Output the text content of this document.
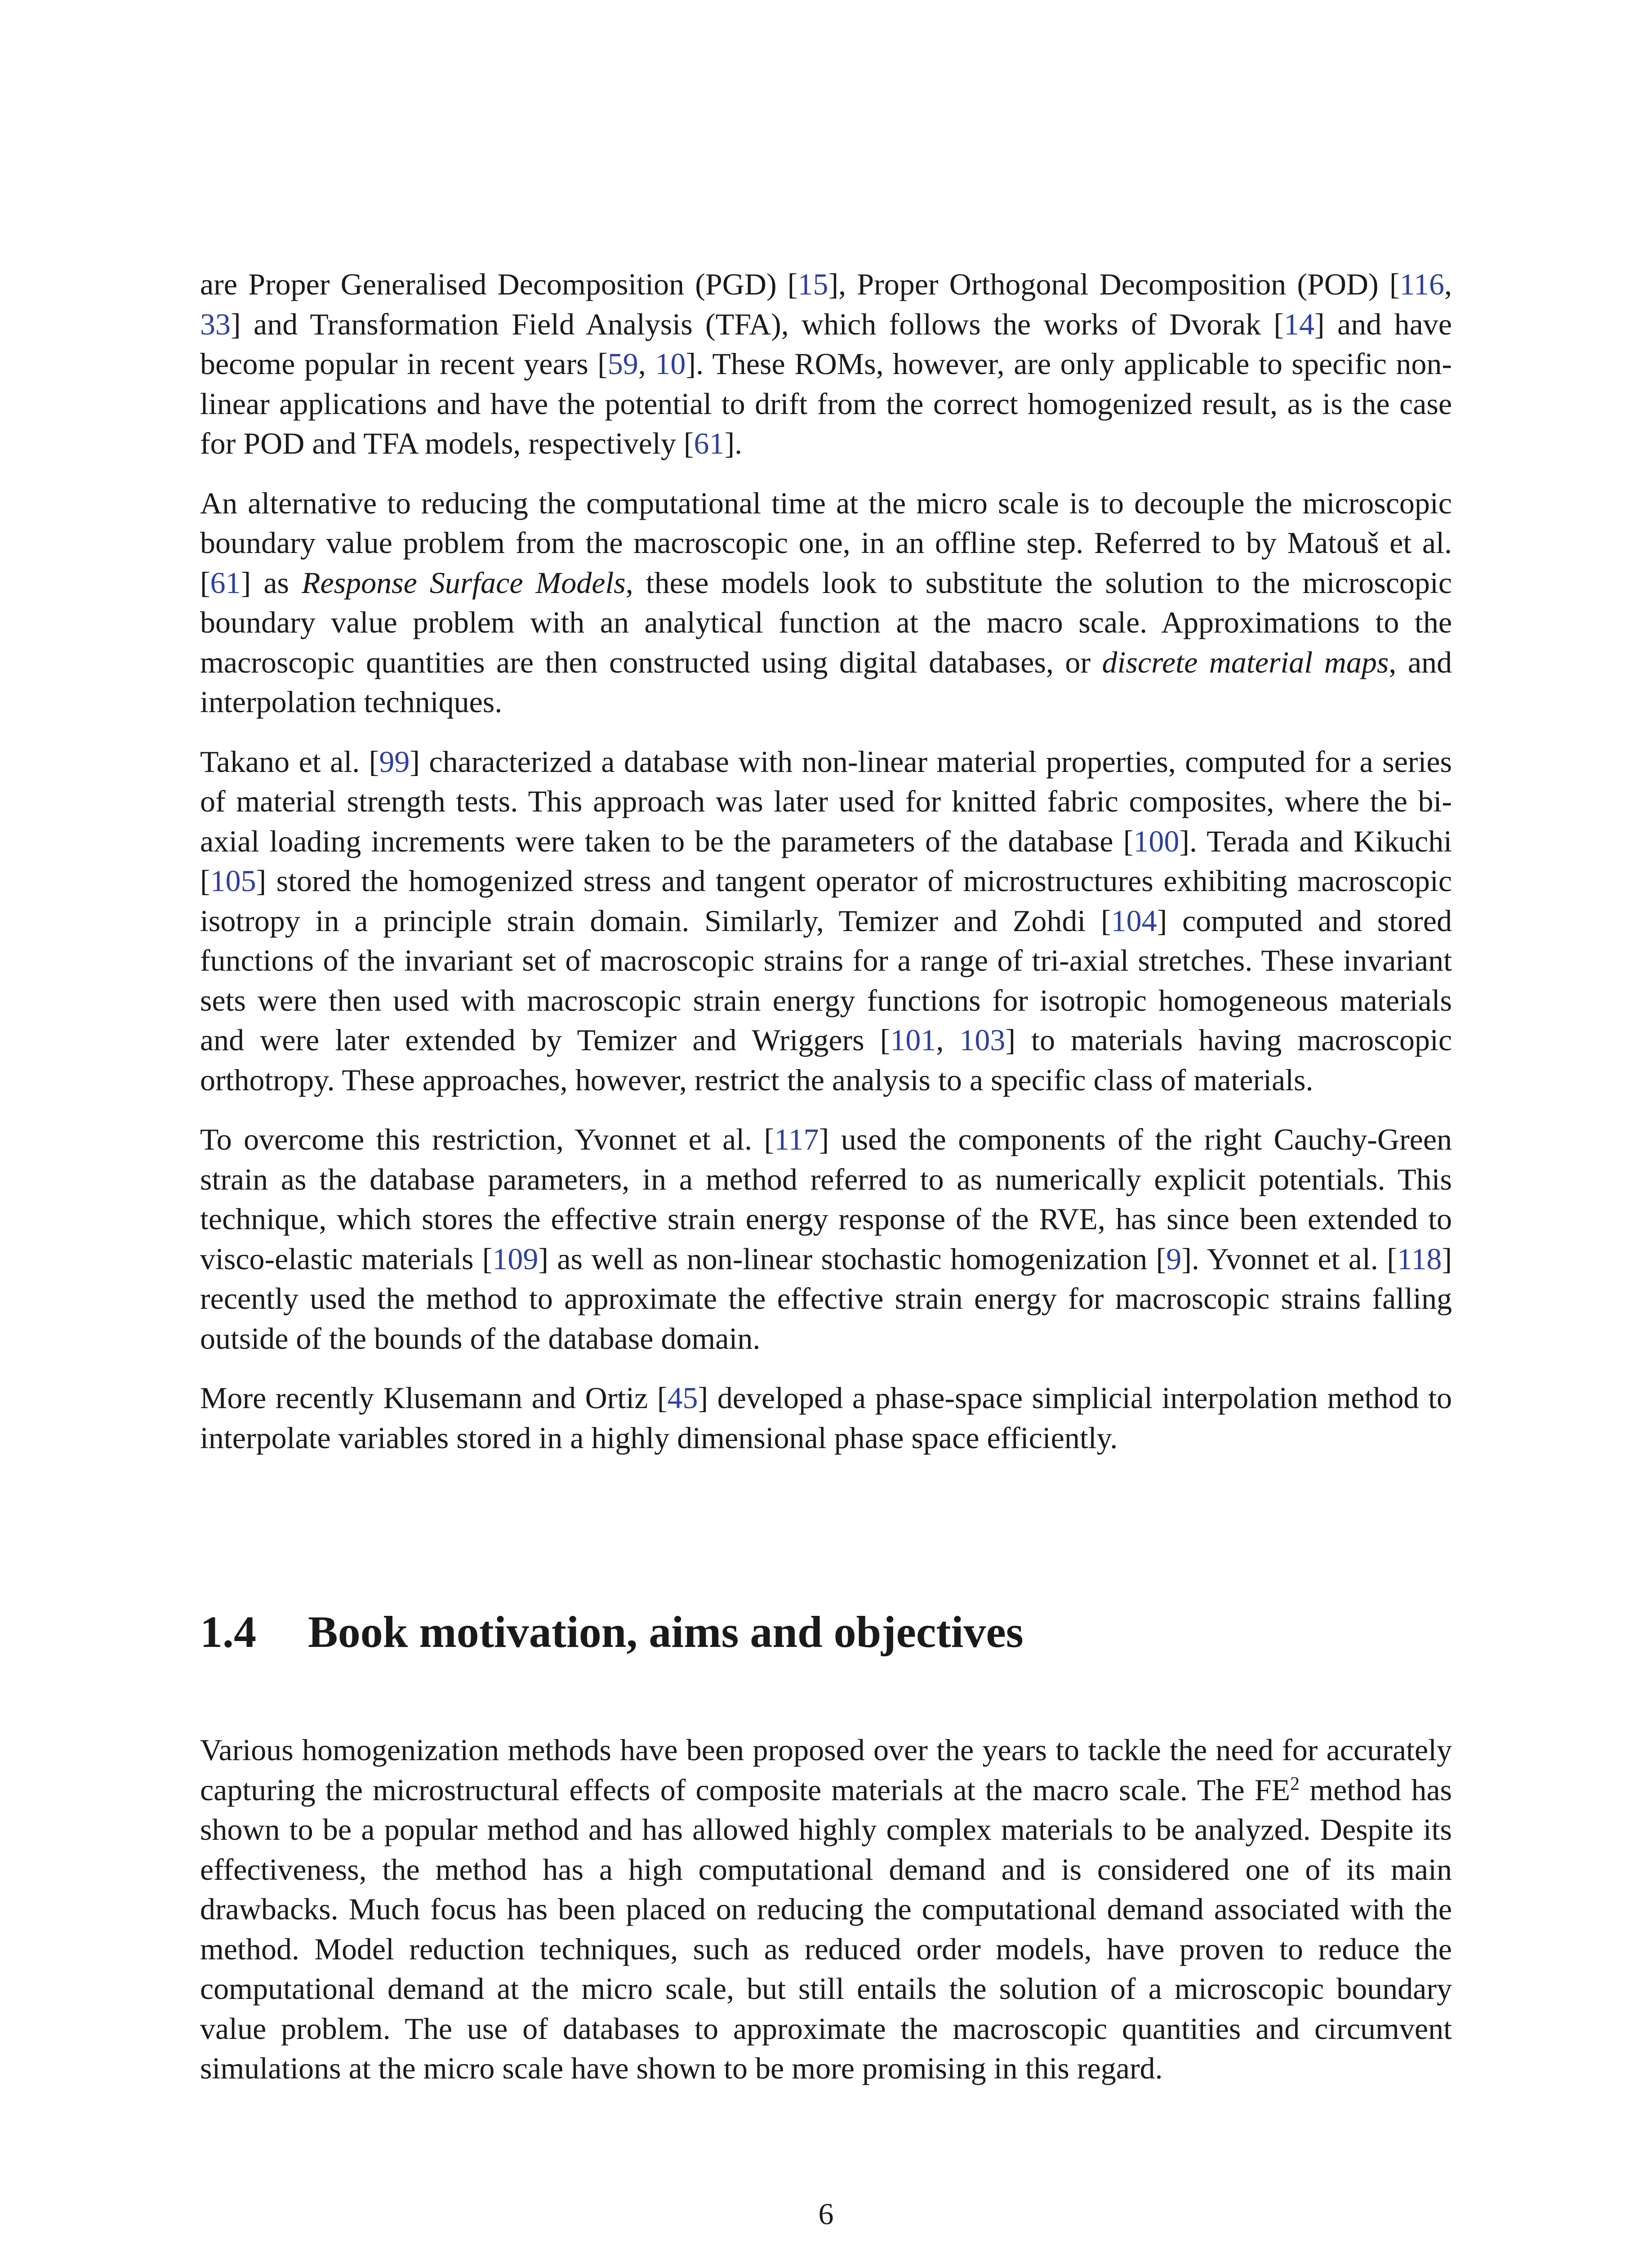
are Proper Generalised Decomposition (PGD) [15], Proper Orthogonal Decomposition (POD) [116, 33] and Transformation Field Analysis (TFA), which follows the works of Dvorak [14] and have become popular in recent years [59, 10]. These ROMs, however, are only applicable to specific non-linear applications and have the potential to drift from the correct homogenized result, as is the case for POD and TFA models, respectively [61].

An alternative to reducing the computational time at the micro scale is to decouple the microscopic boundary value problem from the macroscopic one, in an offline step. Referred to by Matouš et al. [61] as Response Surface Models, these models look to substitute the solution to the microscopic boundary value problem with an analytical function at the macro scale. Approximations to the macroscopic quantities are then constructed using digital databases, or discrete material maps, and interpolation techniques.

Takano et al. [99] characterized a database with non-linear material properties, computed for a series of material strength tests. This approach was later used for knitted fabric composites, where the bi-axial loading increments were taken to be the parameters of the database [100]. Terada and Kikuchi [105] stored the homogenized stress and tangent operator of microstructures exhibiting macroscopic isotropy in a principle strain domain. Similarly, Temizer and Zohdi [104] computed and stored functions of the invariant set of macroscopic strains for a range of tri-axial stretches. These invariant sets were then used with macroscopic strain energy functions for isotropic homogeneous materials and were later extended by Temizer and Wriggers [101, 103] to materials having macroscopic orthotropy. These approaches, however, restrict the analysis to a specific class of materials.

To overcome this restriction, Yvonnet et al. [117] used the components of the right Cauchy-Green strain as the database parameters, in a method referred to as numerically explicit potentials. This technique, which stores the effective strain energy response of the RVE, has since been extended to visco-elastic materials [109] as well as non-linear stochastic homogenization [9]. Yvonnet et al. [118] recently used the method to approximate the effective strain energy for macroscopic strains falling outside of the bounds of the database domain.

More recently Klusemann and Ortiz [45] developed a phase-space simplicial interpolation method to interpolate variables stored in a highly dimensional phase space efficiently.

1.4 Book motivation, aims and objectives

Various homogenization methods have been proposed over the years to tackle the need for accurately capturing the microstructural effects of composite materials at the macro scale. The $FE^2$ method has shown to be a popular method and has allowed highly complex materials to be analyzed. Despite its effectiveness, the method has a high computational demand and is considered one of its main drawbacks. Much focus has been placed on reducing the computational demand associated with the method. Model reduction techniques, such as reduced order models, have proven to reduce the computational demand at the micro scale, but still entails the solution of a microscopic boundary value problem. The use of databases to approximate the macroscopic quantities and circumvent simulations at the micro scale have shown to be more promising in this regard.

6
